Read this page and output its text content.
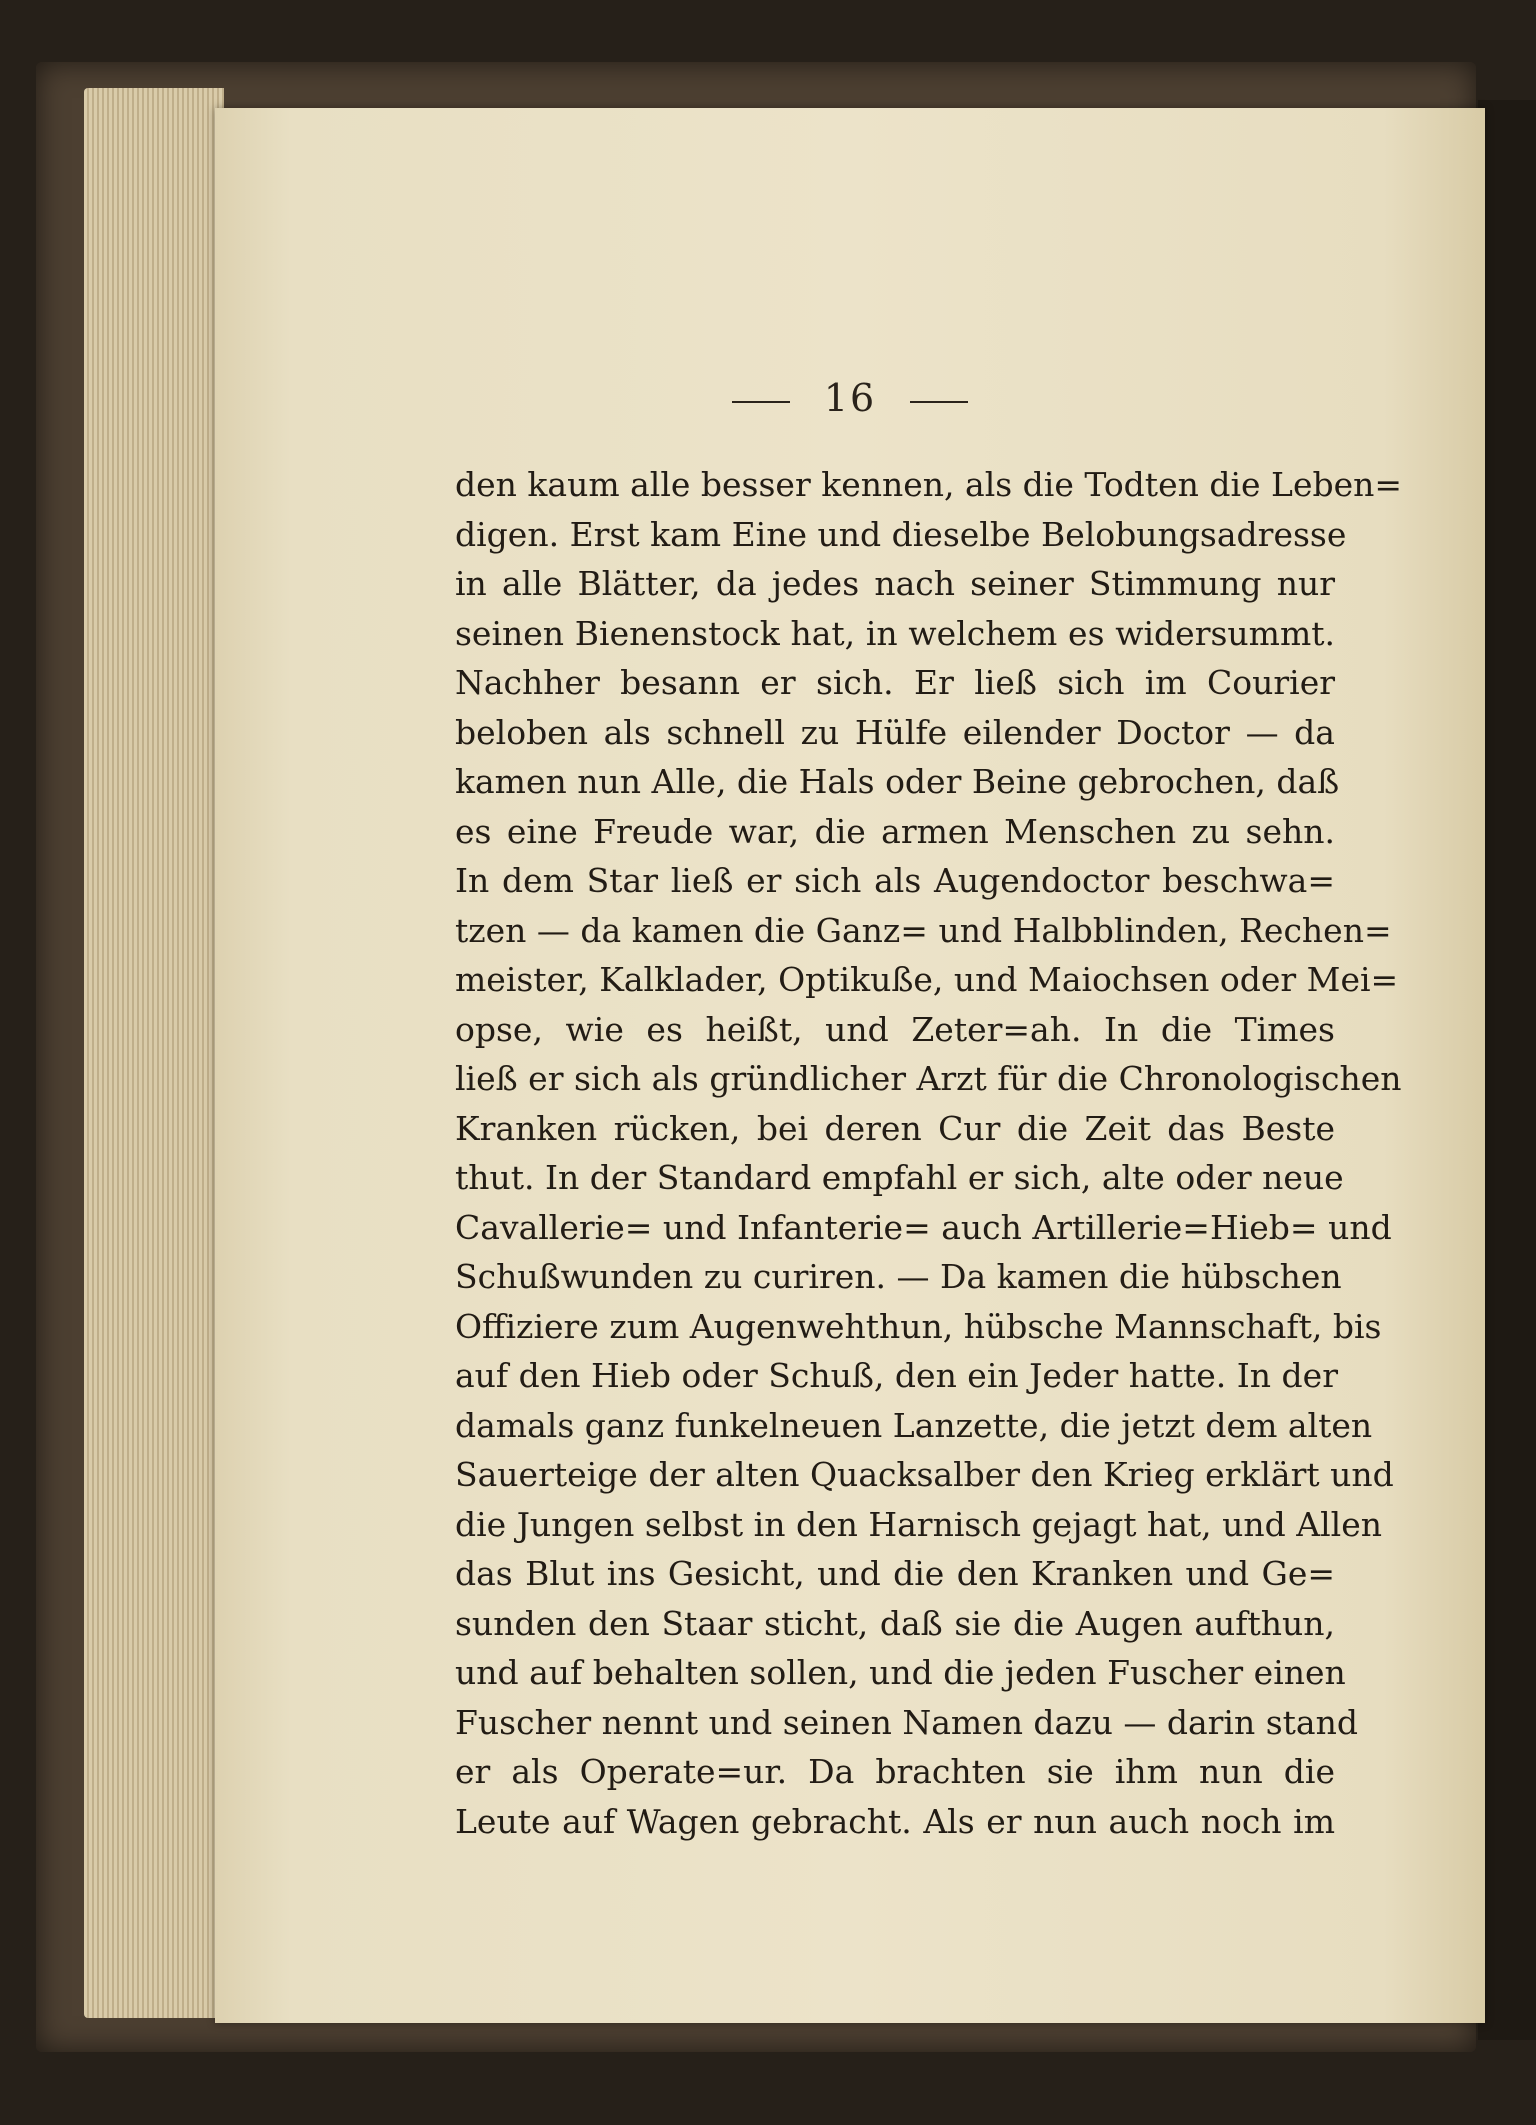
16
den kaum alle besser kennen, als die Todten die Leben=
digen. Erst kam Eine und dieselbe Belobungsadresse
in alle Blätter, da jedes nach seiner Stimmung nur
seinen Bienenstock hat, in welchem es widersummt.
Nachher besann er sich. Er ließ sich im Courier
beloben als schnell zu Hülfe eilender Doctor — da
kamen nun Alle, die Hals oder Beine gebrochen, daß
es eine Freude war, die armen Menschen zu sehn.
In dem Star ließ er sich als Augendoctor beschwa=
tzen — da kamen die Ganz= und Halbblinden, Rechen=
meister, Kalklader, Optikuße, und Maiochsen oder Mei=
opse, wie es heißt, und Zeter=ah. In die Times
ließ er sich als gründlicher Arzt für die Chronologischen
Kranken rücken, bei deren Cur die Zeit das Beste
thut. In der Standard empfahl er sich, alte oder neue
Cavallerie= und Infanterie= auch Artillerie=Hieb= und
Schußwunden zu curiren. — Da kamen die hübschen
Offiziere zum Augenwehthun, hübsche Mannschaft, bis
auf den Hieb oder Schuß, den ein Jeder hatte. In der
damals ganz funkelneuen Lanzette, die jetzt dem alten
Sauerteige der alten Quacksalber den Krieg erklärt und
die Jungen selbst in den Harnisch gejagt hat, und Allen
das Blut ins Gesicht, und die den Kranken und Ge=
sunden den Staar sticht, daß sie die Augen aufthun,
und auf behalten sollen, und die jeden Fuscher einen
Fuscher nennt und seinen Namen dazu — darin stand
er als Operate=ur. Da brachten sie ihm nun die
Leute auf Wagen gebracht. Als er nun auch noch im
